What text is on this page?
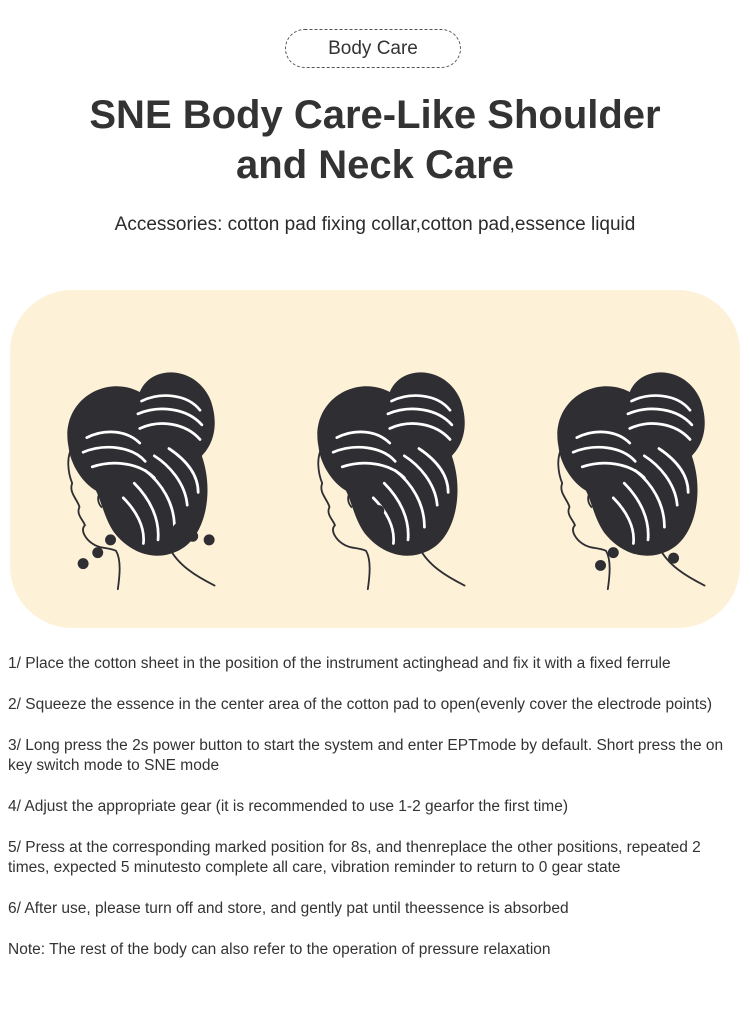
Body Care
SNE Body Care-Like Shoulder
and Neck Care
Accessories: cotton pad fixing collar,cotton pad,essence liquid

1/ Place the cotton sheet in the position of the instrument actinghead and fix it with a fixed ferrule

2/ Squeeze the essence in the center area of the cotton pad to open(evenly cover the electrode points)

3/ Long press the 2s power button to start the system and enter EPTmode by default. Short press the on key switch mode to SNE mode

4/ Adjust the appropriate gear (it is recommended to use 1-2 gearfor the first time)

5/ Press at the corresponding marked position for 8s, and thenreplace the other positions, repeated 2 times, expected 5 minutesto complete all care, vibration reminder to return to 0 gear state

6/ After use, please turn off and store, and gently pat until theessence is absorbed

Note: The rest of the body can also refer to the operation of pressure relaxation
